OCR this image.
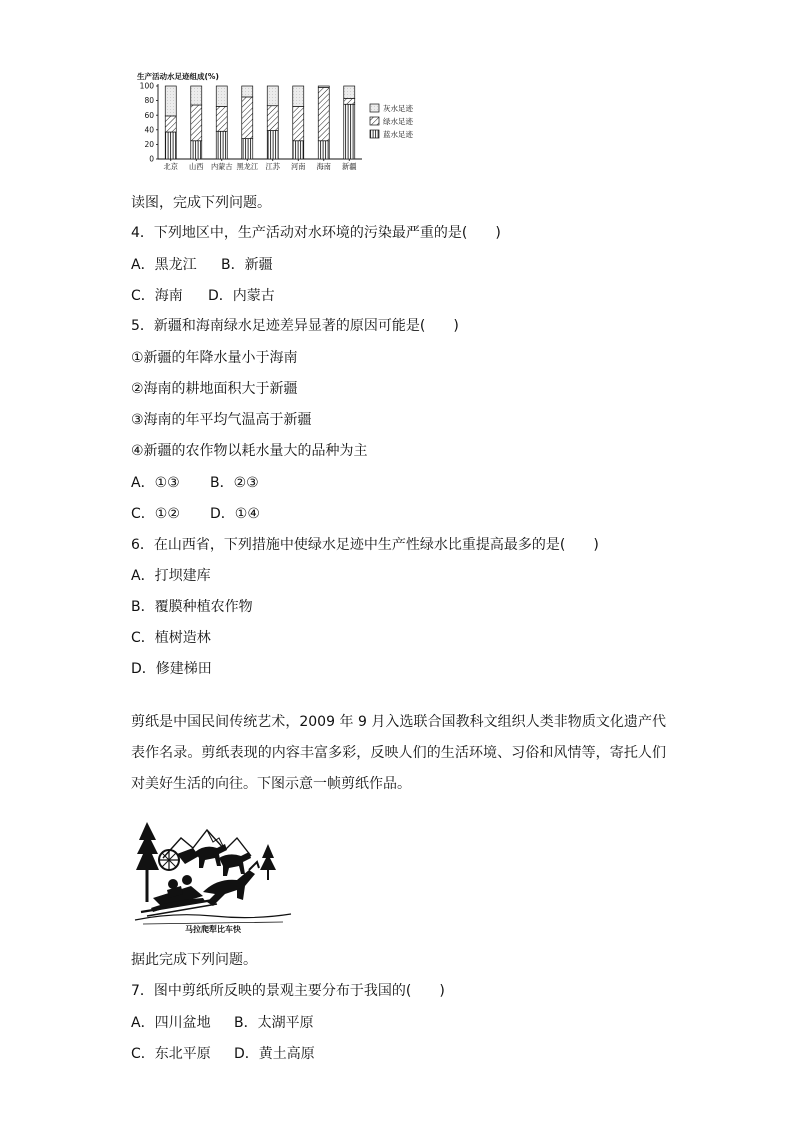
生产活动水足迹组成(%)
100
80
60
40
20
0
北京 山西 内蒙古 黑龙江 江苏 河南 海南 新疆
灰水足迹
绿水足迹
蓝水足迹
读图，完成下列问题。
4．下列地区中，生产活动对水环境的污染最严重的是(　　)
A．黑龙江 B．新疆
C．海南 D．内蒙古
5．新疆和海南绿水足迹差异显著的原因可能是(　　)
①新疆的年降水量小于海南
②海南的耕地面积大于新疆
③海南的年平均气温高于新疆
④新疆的农作物以耗水量大的品种为主
A．①③ B．②③
C．①② D．①④
6．在山西省，下列措施中使绿水足迹中生产性绿水比重提高最多的是(　　)
A．打坝建库
B．覆膜种植农作物
C．植树造林
D．修建梯田
剪纸是中国民间传统艺术，2009 年 9 月入选联合国教科文组织人类非物质文化遗产代表作名录。剪纸表现的内容丰富多彩，反映人们的生活环境、习俗和风情等，寄托人们对美好生活的向往。下图示意一帧剪纸作品。
马拉爬犁比车快
据此完成下列问题。
7．图中剪纸所反映的景观主要分布于我国的(　　)
A．四川盆地 B．太湖平原
C．东北平原 D．黄土高原
